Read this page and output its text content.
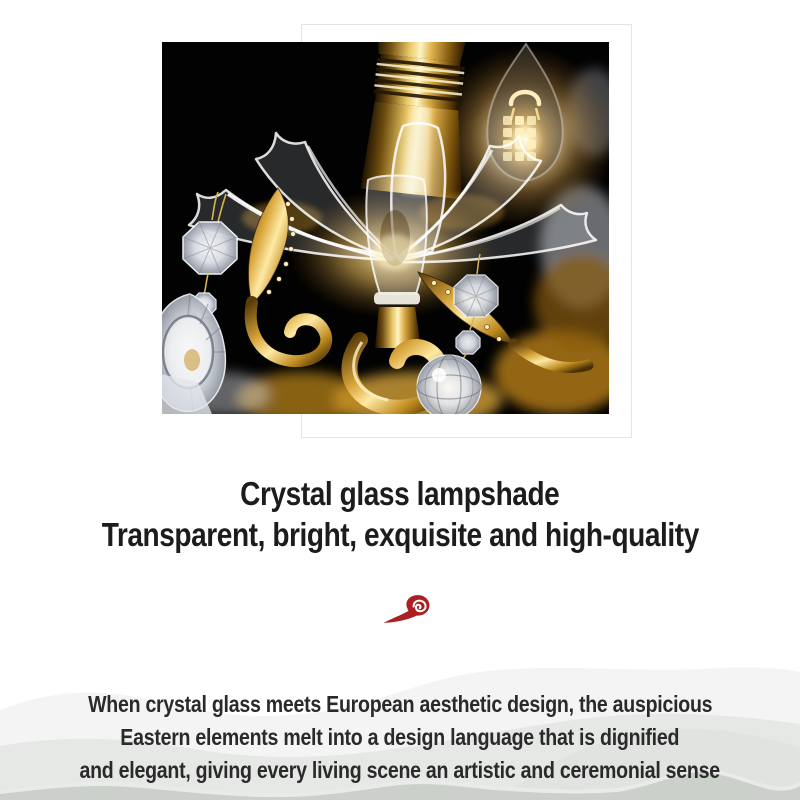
Crystal glass lampshade
Transparent, bright, exquisite and high-quality
When crystal glass meets European aesthetic design, the auspicious
Eastern elements melt into a design language that is dignified
and elegant, giving every living scene an artistic and ceremonial sense
